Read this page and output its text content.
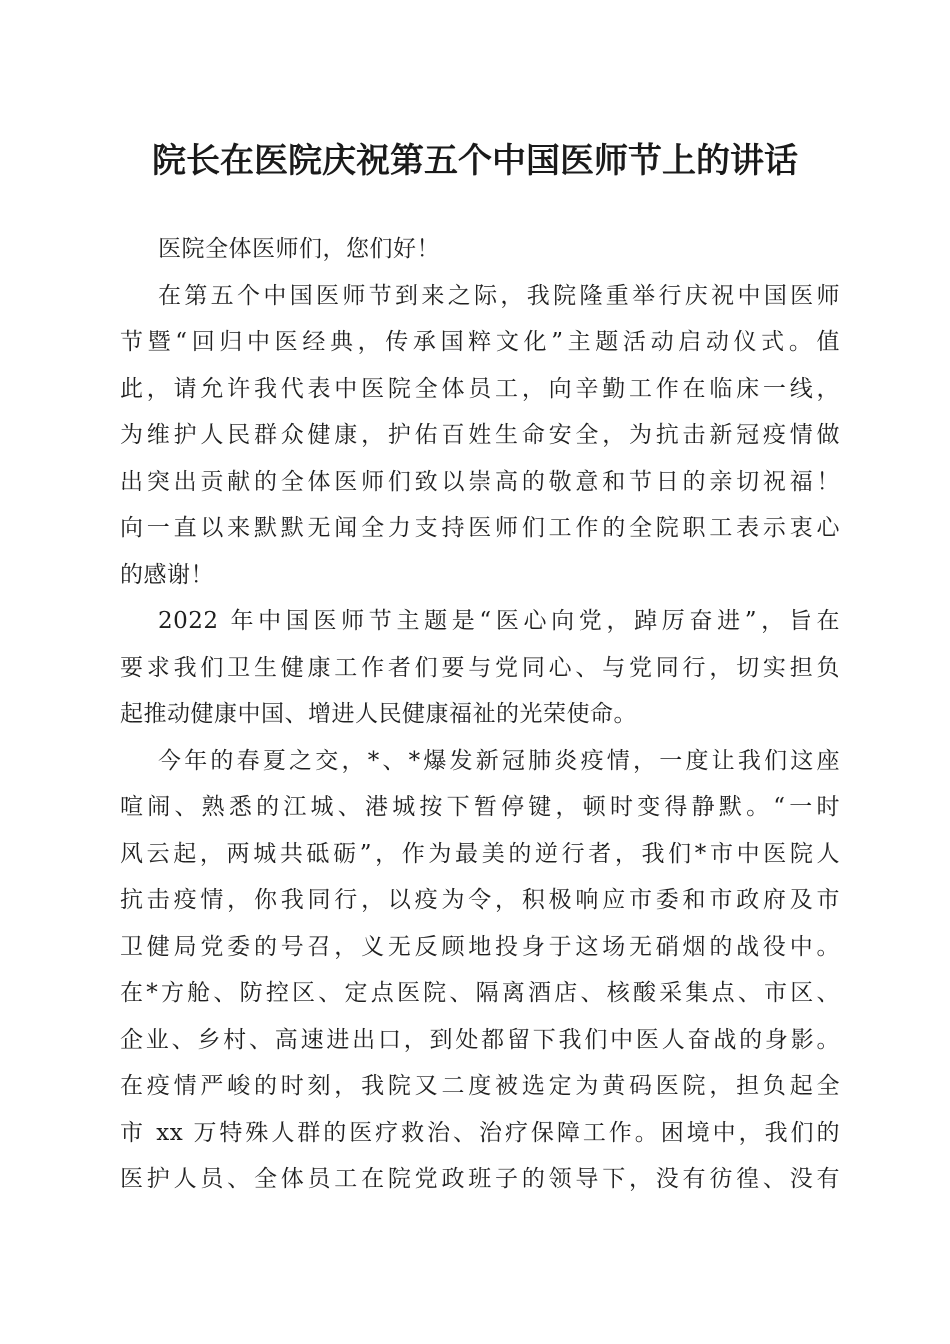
院长在医院庆祝第五个中国医师节上的讲话
医院全体医师们，您们好！
在第五个中国医师节到来之际，我院隆重举行庆祝中国医师
节暨“回归中医经典，传承国粹文化”主题活动启动仪式。值
此，请允许我代表中医院全体员工，向辛勤工作在临床一线，
为维护人民群众健康，护佑百姓生命安全，为抗击新冠疫情做
出突出贡献的全体医师们致以崇高的敬意和节日的亲切祝福！
向一直以来默默无闻全力支持医师们工作的全院职工表示衷心
的感谢！
2022 年中国医师节主题是“医心向党，踔厉奋进”，旨在
要求我们卫生健康工作者们要与党同心、与党同行，切实担负
起推动健康中国、增进人民健康福祉的光荣使命。
今年的春夏之交，*、*爆发新冠肺炎疫情，一度让我们这座
喧闹、熟悉的江城、港城按下暂停键，顿时变得静默。“一时
风云起，两城共砥砺”，作为最美的逆行者，我们*市中医院人
抗击疫情，你我同行，以疫为令，积极响应市委和市政府及市
卫健局党委的号召，义无反顾地投身于这场无硝烟的战役中。
在*方舱、防控区、定点医院、隔离酒店、核酸采集点、市区、
企业、乡村、高速进出口，到处都留下我们中医人奋战的身影。
在疫情严峻的时刻，我院又二度被选定为黄码医院，担负起全
市 xx 万特殊人群的医疗救治、治疗保障工作。困境中，我们的
医护人员、全体员工在院党政班子的领导下，没有彷徨、没有
